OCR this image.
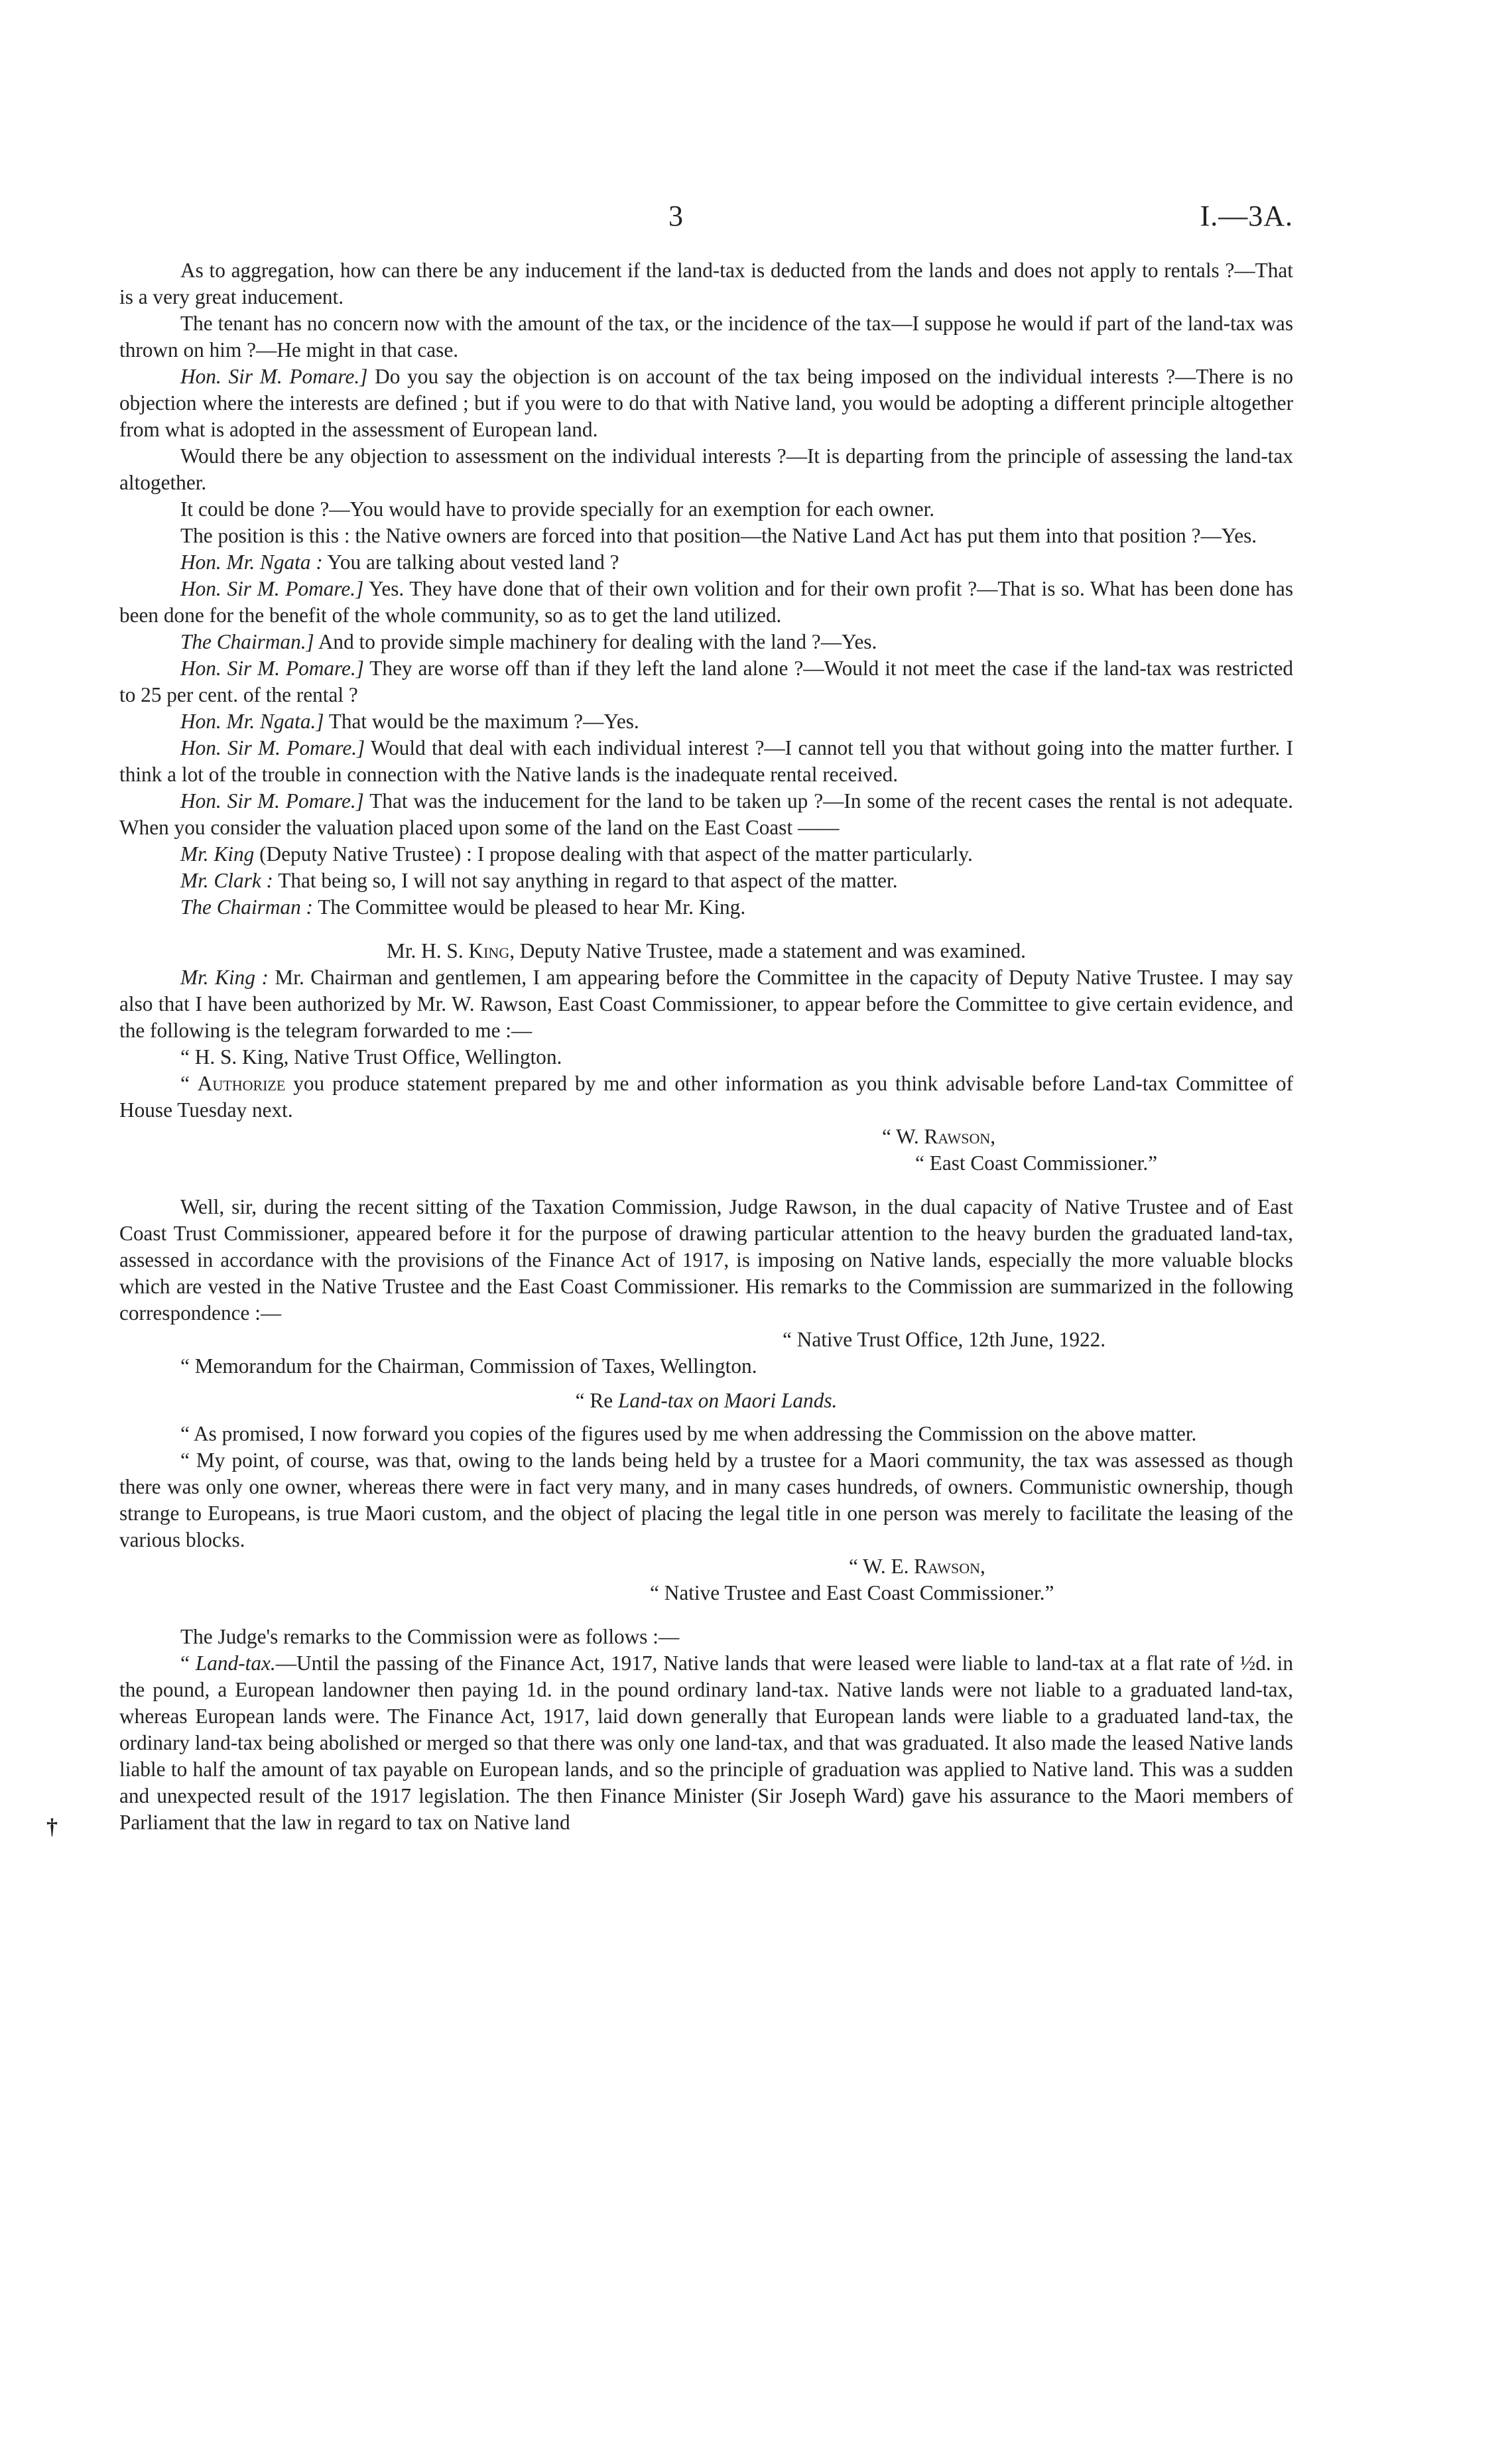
†
3	I.—3A.

As to aggregation, how can there be any inducement if the land-tax is deducted from the lands and does not apply to rentals ?—That is a very great inducement.

The tenant has no concern now with the amount of the tax, or the incidence of the tax—I suppose he would if part of the land-tax was thrown on him ?—He might in that case.

Hon. Sir M. Pomare.] Do you say the objection is on account of the tax being imposed on the individual interests ?—There is no objection where the interests are defined ; but if you were to do that with Native land, you would be adopting a different principle altogether from what is adopted in the assessment of European land.

Would there be any objection to assessment on the individual interests ?—It is departing from the principle of assessing the land-tax altogether.

It could be done ?—You would have to provide specially for an exemption for each owner.

The position is this : the Native owners are forced into that position—the Native Land Act has put them into that position ?—Yes.

Hon. Mr. Ngata : You are talking about vested land ?

Hon. Sir M. Pomare.] Yes. They have done that of their own volition and for their own profit ?—That is so. What has been done has been done for the benefit of the whole community, so as to get the land utilized.

The Chairman.] And to provide simple machinery for dealing with the land ?—Yes.

Hon. Sir M. Pomare.] They are worse off than if they left the land alone ?—Would it not meet the case if the land-tax was restricted to 25 per cent. of the rental ?

Hon. Mr. Ngata.] That would be the maximum ?—Yes.

Hon. Sir M. Pomare.] Would that deal with each individual interest ?—I cannot tell you that without going into the matter further. I think a lot of the trouble in connection with the Native lands is the inadequate rental received.

Hon. Sir M. Pomare.] That was the inducement for the land to be taken up ?—In some of the recent cases the rental is not adequate. When you consider the valuation placed upon some of the land on the East Coast ——

Mr. King (Deputy Native Trustee) : I propose dealing with that aspect of the matter particularly.

Mr. Clark : That being so, I will not say anything in regard to that aspect of the matter.

The Chairman : The Committee would be pleased to hear Mr. King.

Mr. H. S. King, Deputy Native Trustee, made a statement and was examined.

Mr. King : Mr. Chairman and gentlemen, I am appearing before the Committee in the capacity of Deputy Native Trustee. I may say also that I have been authorized by Mr. W. Rawson, East Coast Commissioner, to appear before the Committee to give certain evidence, and the following is the telegram forwarded to me :—

“ H. S. King, Native Trust Office, Wellington.

“ Authorize you produce statement prepared by me and other information as you think advisable before Land-tax Committee of House Tuesday next.

“ W. Rawson,

“ East Coast Commissioner.”

Well, sir, during the recent sitting of the Taxation Commission, Judge Rawson, in the dual capacity of Native Trustee and of East Coast Trust Commissioner, appeared before it for the purpose of drawing particular attention to the heavy burden the graduated land-tax, assessed in accordance with the provisions of the Finance Act of 1917, is imposing on Native lands, especially the more valuable blocks which are vested in the Native Trustee and the East Coast Commissioner. His remarks to the Commission are summarized in the following correspondence :—

“ Native Trust Office, 12th June, 1922.

“ Memorandum for the Chairman, Commission of Taxes, Wellington.

“ Re Land-tax on Maori Lands.

“ As promised, I now forward you copies of the figures used by me when addressing the Commission on the above matter.

“ My point, of course, was that, owing to the lands being held by a trustee for a Maori community, the tax was assessed as though there was only one owner, whereas there were in fact very many, and in many cases hundreds, of owners. Communistic ownership, though strange to Europeans, is true Maori custom, and the object of placing the legal title in one person was merely to facilitate the leasing of the various blocks.

“ W. E. Rawson,

“ Native Trustee and East Coast Commissioner.”

The Judge's remarks to the Commission were as follows :—

“ Land-tax.—Until the passing of the Finance Act, 1917, Native lands that were leased were liable to land-tax at a flat rate of ½d. in the pound, a European landowner then paying 1d. in the pound ordinary land-tax. Native lands were not liable to a graduated land-tax, whereas European lands were. The Finance Act, 1917, laid down generally that European lands were liable to a graduated land-tax, the ordinary land-tax being abolished or merged so that there was only one land-tax, and that was graduated. It also made the leased Native lands liable to half the amount of tax payable on European lands, and so the principle of graduation was applied to Native land. This was a sudden and unexpected result of the 1917 legislation. The then Finance Minister (Sir Joseph Ward) gave his assurance to the Maori members of Parliament that the law in regard to tax on Native land
